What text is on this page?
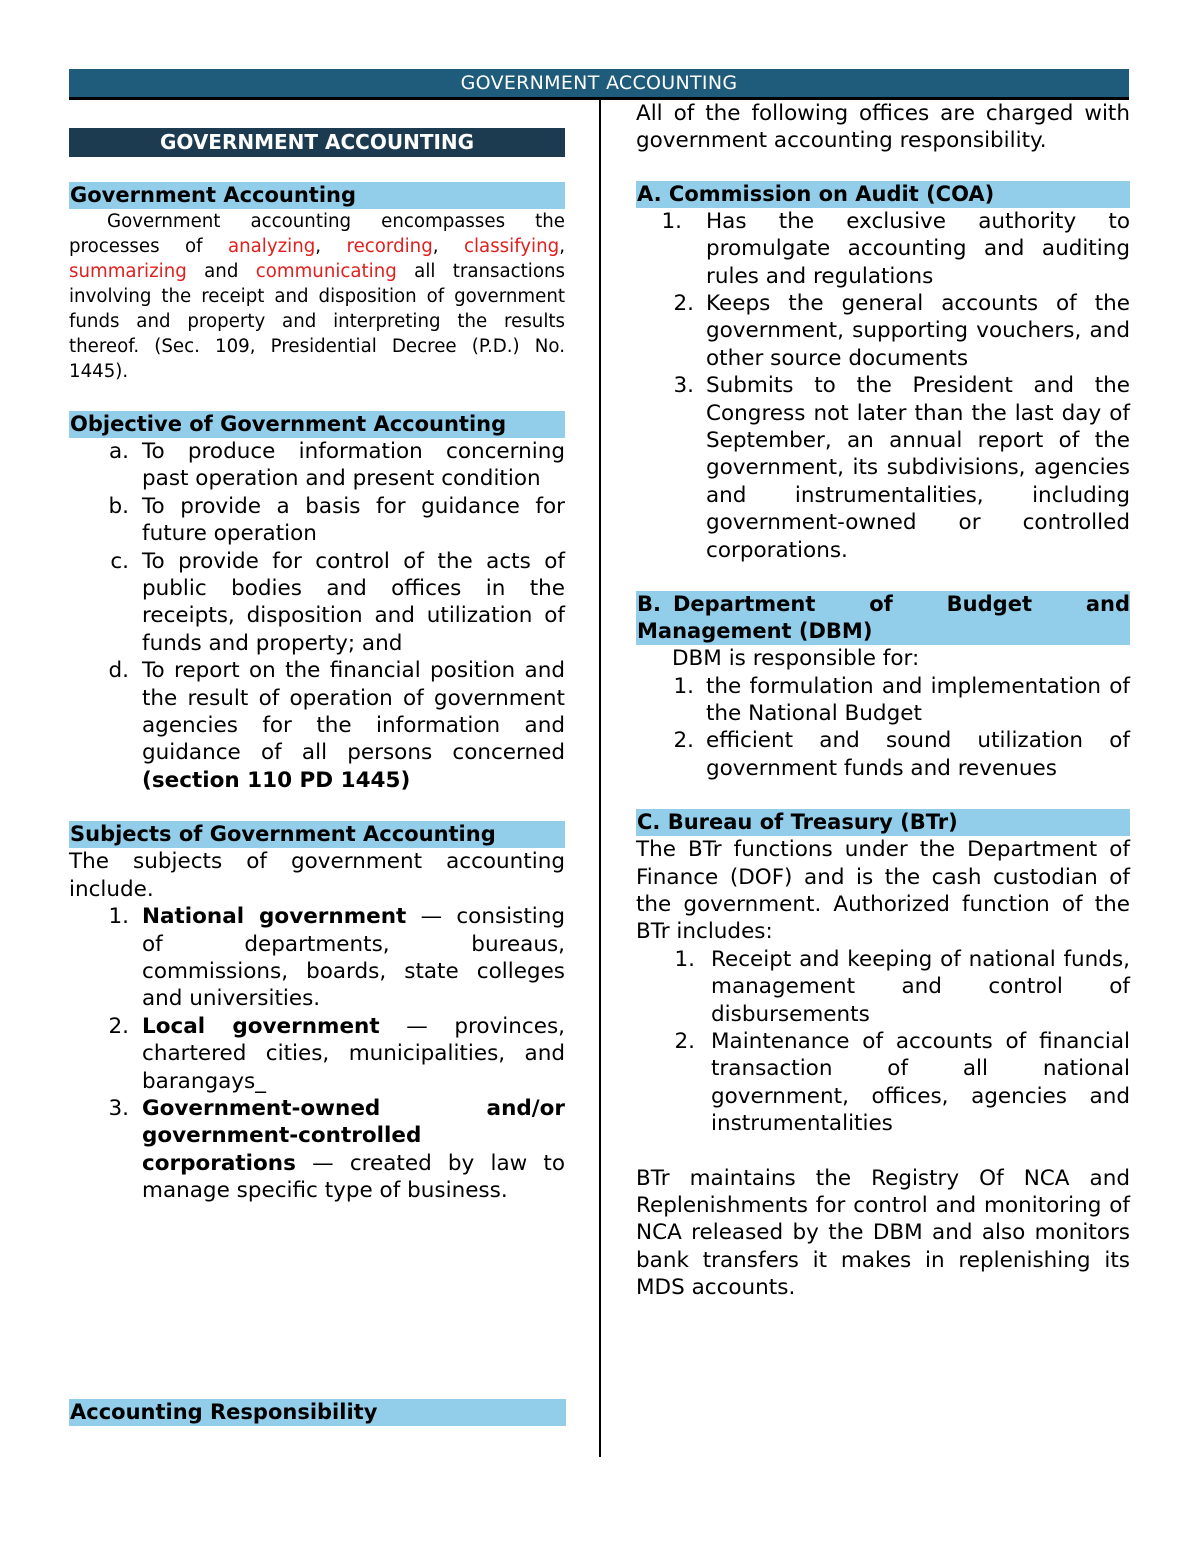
GOVERNMENT ACCOUNTING
GOVERNMENT ACCOUNTING
Government Accounting

Government accounting encompasses the processes of analyzing, recording, classifying, summarizing and communicating all transactions involving the receipt and disposition of government funds and property and interpreting the results thereof. (Sec. 109, Presidential Decree (P.D.) No. 1445).

Objective of Government Accounting
a. To produce information concerning past operation and present condition
b. To provide a basis for guidance for future operation
c. To provide for control of the acts of public bodies and offices in the receipts, disposition and utilization of funds and property; and
d. To report on the financial position and the result of operation of government agencies for the information and guidance of all persons concerned (section 110 PD 1445)
Subjects of Government Accounting

The subjects of government accounting include.

1. National government — consisting of departments, bureaus, commissions, boards, state colleges and universities.
2. Local government — provinces, chartered cities, municipalities, and barangays_
3. Government-owned and/or government-controlled corporations — created by law to manage specific type of business.
Accounting Responsibility

All of the following offices are charged with government accounting responsibility.

A. Commission on Audit (COA)
1. Has the exclusive authority to promulgate accounting and auditing rules and regulations
2. Keeps the general accounts of the government, supporting vouchers, and other source documents
3. Submits to the President and the Congress not later than the last day of September, an annual report of the government, its subdivisions, agencies and instrumentalities, including government-owned or controlled corporations.
B. Department of Budget and
Management (DBM)

DBM is responsible for:

1. the formulation and implementation of the National Budget
2. efficient and sound utilization of government funds and revenues
C. Bureau of Treasury (BTr)

The BTr functions under the Department of Finance (DOF) and is the cash custodian of the government. Authorized function of the BTr includes:

1. Receipt and keeping of national funds, management and control of disbursements
2. Maintenance of accounts of financial transaction of all national government, offices, agencies and instrumentalities

BTr maintains the Registry Of NCA and Replenishments for control and monitoring of NCA released by the DBM and also monitors bank transfers it makes in replenishing its MDS accounts.
